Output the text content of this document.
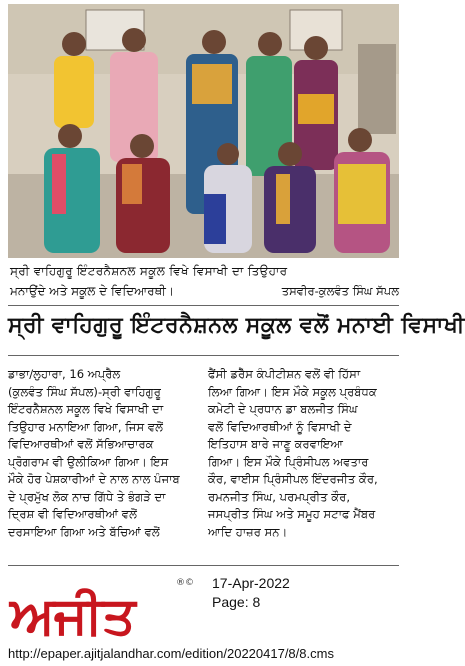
ਸ੍ਰੀ ਵਾਹਿਗੁਰੂ ਇੰਟਰਨੈਸ਼ਨਲ ਸਕੂਲ ਵਿਖੇ ਵਿਸਾਖੀ ਦਾ ਤਿਉਹਾਰ
ਮਨਾਉਂਦੇ ਅਤੇ ਸਕੂਲ ਦੇ ਵਿਦਿਆਰਥੀ।	ਤਸਵੀਰ-ਕੁਲਵੰਤ ਸਿੰਘ ਸੱਪਲ
ਸ੍ਰੀ ਵਾਹਿਗੁਰੂ ਇੰਟਰਨੈਸ਼ਨਲ ਸਕੂਲ ਵਲੋਂ ਮਨਾਈ ਵਿਸਾਖੀ
ਡਾਭਾ/ਲੁਹਾਰਾ, 16 ਅਪ੍ਰੈਲ
(ਕੁਲਵੰਤ ਸਿੰਘ ਸੱਪਲ)-ਸ੍ਰੀ ਵਾਹਿਗੁਰੂ
ਇੰਟਰਨੈਸ਼ਨਲ ਸਕੂਲ ਵਿਖੇ ਵਿਸਾਖੀ ਦਾ
ਤਿਉਹਾਰ ਮਨਾਇਆ ਗਿਆ, ਜਿਸ ਵਲੋਂ
ਵਿਦਿਆਰਥੀਆਂ ਵਲੋਂ ਸੱਭਿਆਚਾਰਕ
ਪ੍ਰੋਗਰਾਮ ਵੀ ਉਲੀਕਿਆ ਗਿਆ। ਇਸ
ਮੌਕੇ ਹੋਰ ਪੇਸ਼ਕਾਰੀਆਂ ਦੇ ਨਾਲ ਨਾਲ ਪੰਜਾਬ
ਦੇ ਪ੍ਰਮੁੱਖ ਲੋਕ ਨਾਚ ਗਿੱਧੇ ਤੇ ਭੰਗੜੇ ਦਾ
ਦ੍ਰਿਸ਼ ਵੀ ਵਿਦਿਆਰਥੀਆਂ ਵਲੋਂ
ਦਰਸਾਇਆ ਗਿਆ ਅਤੇ ਬੱਚਿਆਂ ਵਲੋਂ
ਫੈਂਸੀ ਡਰੈੱਸ ਕੰਪੀਟੀਸ਼ਨ ਵਲੋਂ ਵੀ ਹਿੱਸਾ
ਲਿਆ ਗਿਆ। ਇਸ ਮੌਕੇ ਸਕੂਲ ਪ੍ਰਬੰਧਕ
ਕਮੇਟੀ ਦੇ ਪ੍ਰਧਾਨ ਡਾ ਬਲਜੀਤ ਸਿੰਘ
ਵਲੋਂ ਵਿਦਿਆਰਥੀਆਂ ਨੂੰ ਵਿਸਾਖੀ ਦੇ
ਇਤਿਹਾਸ ਬਾਰੇ ਜਾਣੂ ਕਰਵਾਇਆ
ਗਿਆ। ਇਸ ਮੌਕੇ ਪ੍ਰਿੰਸੀਪਲ ਅਵਤਾਰ
ਕੌਰ, ਵਾਈਸ ਪ੍ਰਿੰਸੀਪਲ ਇੰਦਰਜੀਤ ਕੌਰ,
ਰਮਨਜੀਤ ਸਿੰਘ, ਪਰਮਪ੍ਰੀਤ ਕੌਰ,
ਜਸਪ੍ਰੀਤ ਸਿੰਘ ਅਤੇ ਸਮੂਹ ਸਟਾਫ ਮੈਂਬਰ
ਆਦਿ ਹਾਜ਼ਰ ਸਨ।
ਅਜੀਤ
®© 17-Apr-2022
Page: 8
http://epaper.ajitjalandhar.com/edition/20220417/8/8.cms
